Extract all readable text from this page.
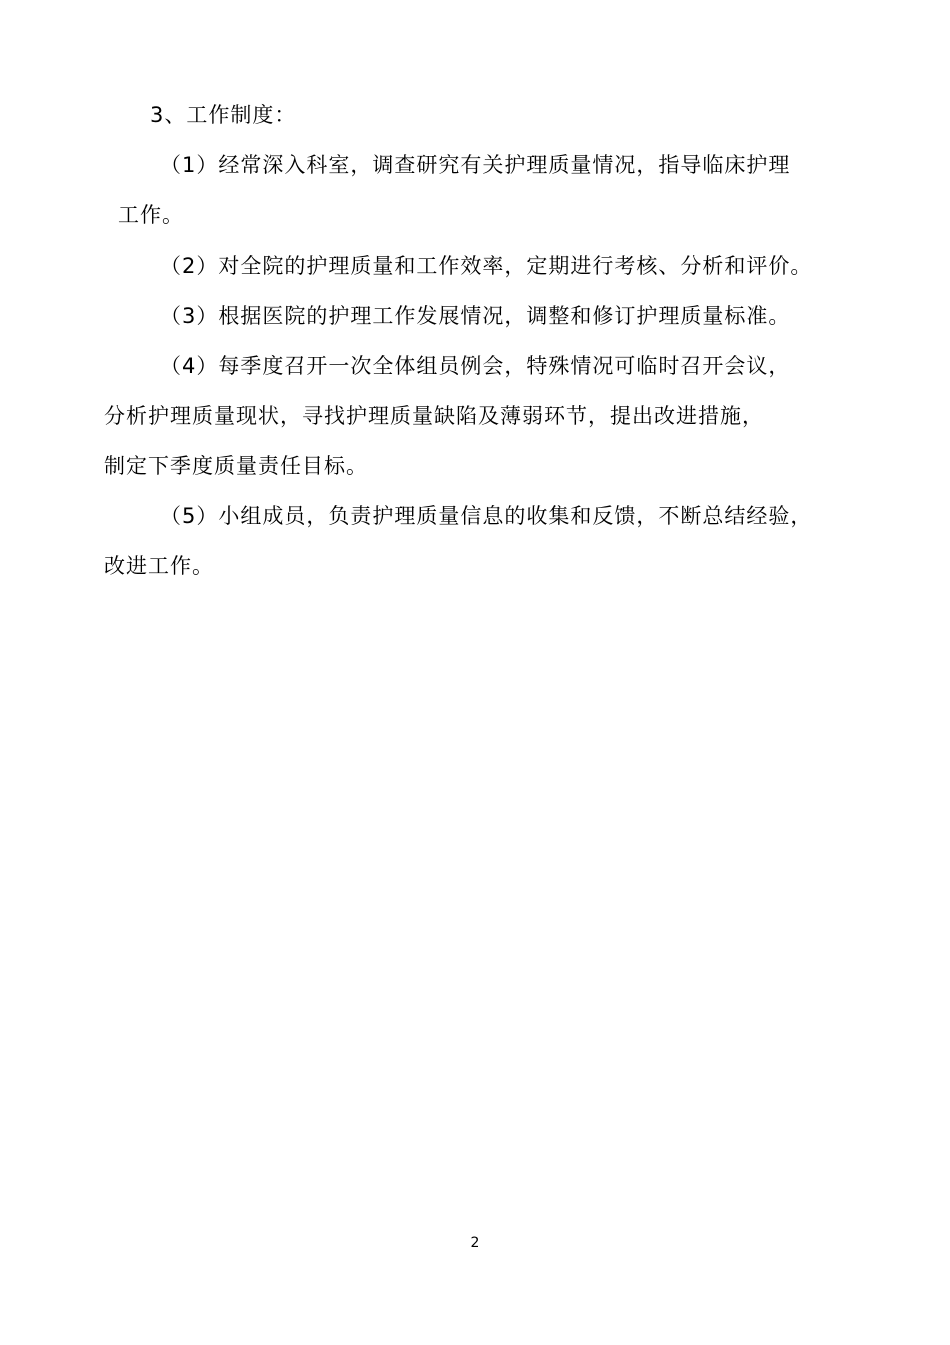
3、工作制度：
（1）经常深入科室，调查研究有关护理质量情况，指导临床护理
工作。
（2）对全院的护理质量和工作效率，定期进行考核、分析和评价。
（3）根据医院的护理工作发展情况，调整和修订护理质量标准。
（4）每季度召开一次全体组员例会，特殊情况可临时召开会议，
分析护理质量现状，寻找护理质量缺陷及薄弱环节，提出改进措施，
制定下季度质量责任目标。
（5）小组成员，负责护理质量信息的收集和反馈，不断总结经验，
改进工作。
2
